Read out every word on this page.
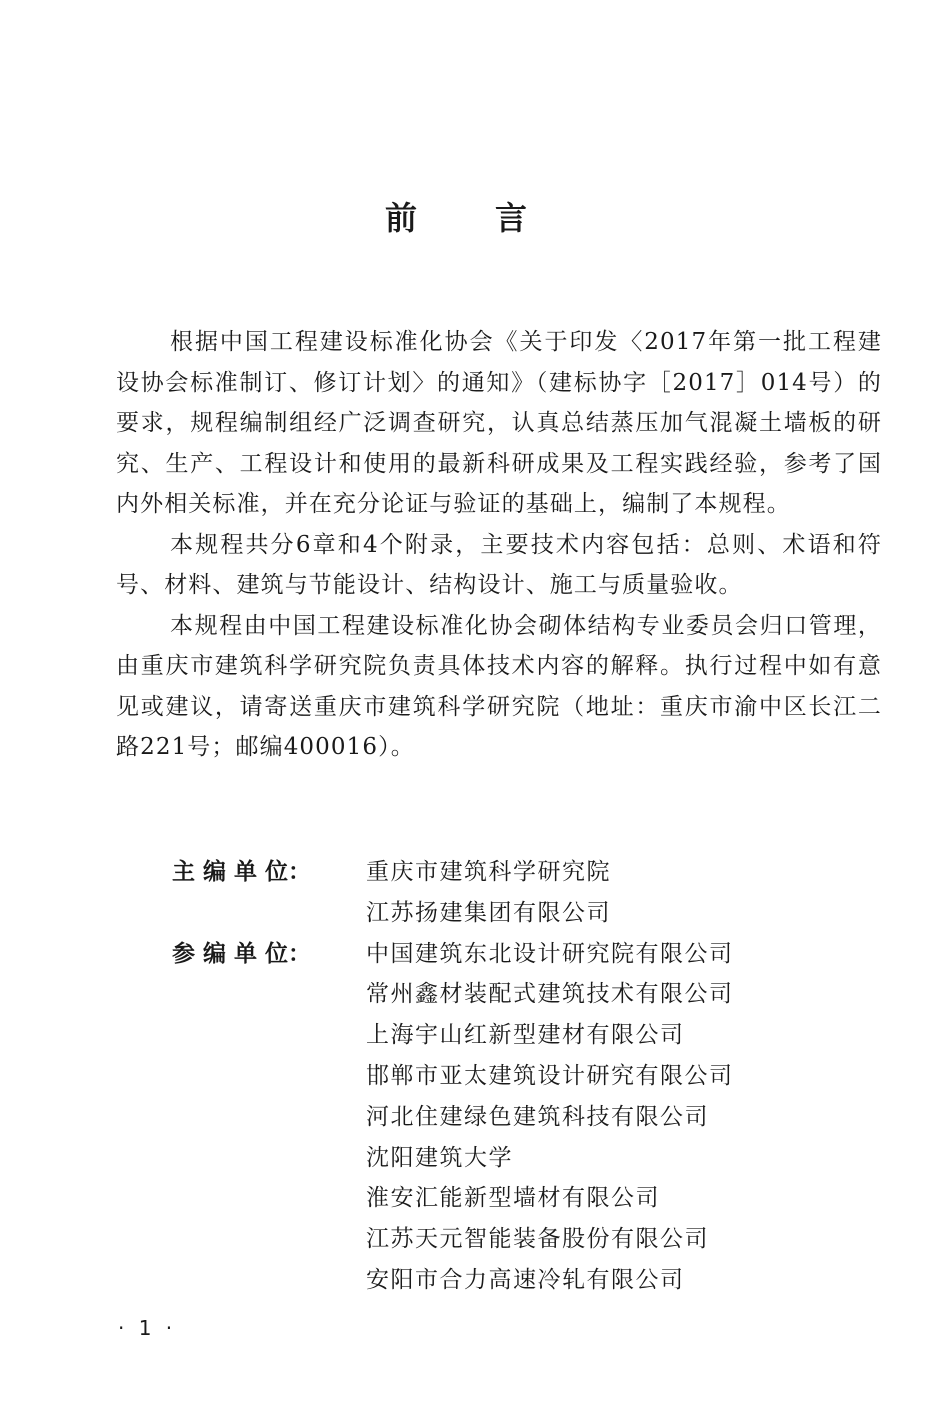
前言

根据中国工程建设标准化协会《关于印发〈2017年第一批工程建设协会标准制订、修订计划〉的通知》（建标协字［2017］014号）的要求，规程编制组经广泛调查研究，认真总结蒸压加气混凝土墙板的研究、生产、工程设计和使用的最新科研成果及工程实践经验，参考了国内外相关标准，并在充分论证与验证的基础上，编制了本规程。

本规程共分6章和4个附录，主要技术内容包括：总则、术语和符号、材料、建筑与节能设计、结构设计、施工与质量验收。

本规程由中国工程建设标准化协会砌体结构专业委员会归口管理，由重庆市建筑科学研究院负责具体技术内容的解释。执行过程中如有意见或建议，请寄送重庆市建筑科学研究院（地址：重庆市渝中区长江二路221号；邮编400016）。

主 编 单 位：	重庆市建筑科学研究院
江苏扬建集团有限公司
参 编 单 位：	中国建筑东北设计研究院有限公司
常州鑫材装配式建筑技术有限公司
上海宇山红新型建材有限公司
邯郸市亚太建筑设计研究有限公司
河北住建绿色建筑科技有限公司
沈阳建筑大学
淮安汇能新型墙材有限公司
江苏天元智能装备股份有限公司
安阳市合力高速冷轧有限公司
· 1 ·
